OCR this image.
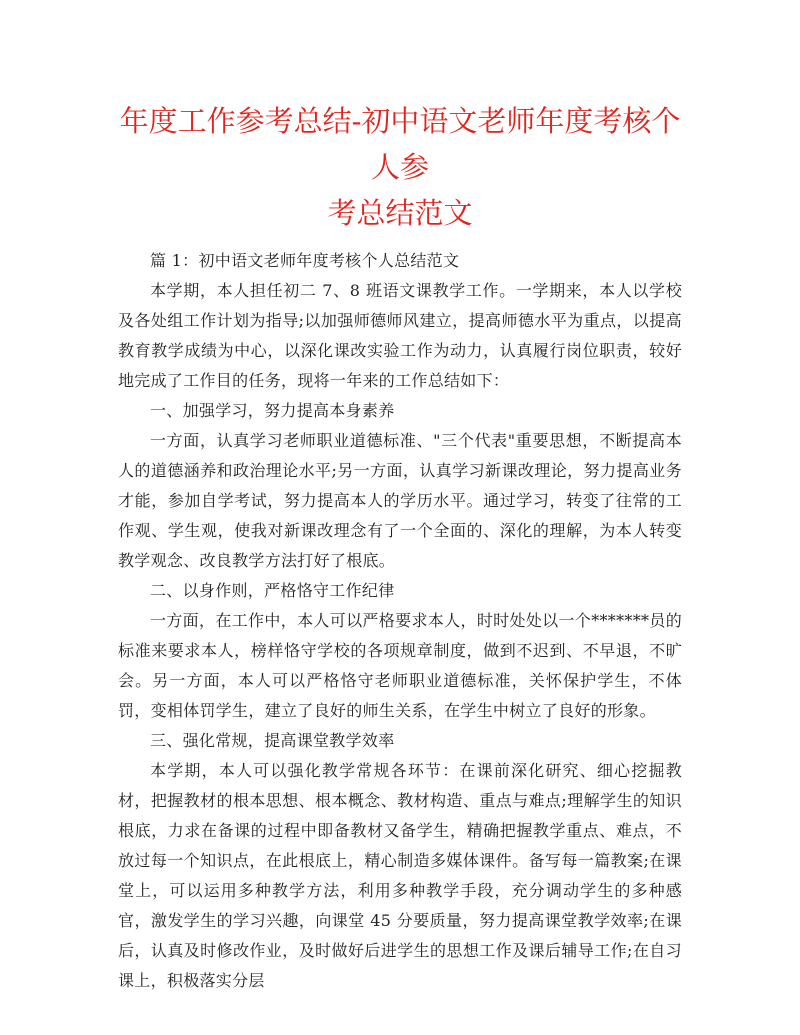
年度工作参考总结-初中语文老师年度考核个人参
考总结范文

篇 1：初中语文老师年度考核个人总结范文

本学期，本人担任初二 7、8 班语文课教学工作。一学期来，本人以学校及各处组工作计划为指导;以加强师德师风建立，提高师德水平为重点，以提高教育教学成绩为中心，以深化课改实验工作为动力，认真履行岗位职责，较好地完成了工作目的任务，现将一年来的工作总结如下：

一、加强学习，努力提高本身素养

一方面，认真学习老师职业道德标准、"三个代表"重要思想，不断提高本人的道德涵养和政治理论水平;另一方面，认真学习新课改理论，努力提高业务才能，参加自学考试，努力提高本人的学历水平。通过学习，转变了往常的工作观、学生观，使我对新课改理念有了一个全面的、深化的理解，为本人转变教学观念、改良教学方法打好了根底。

二、以身作则，严格恪守工作纪律

一方面，在工作中，本人可以严格要求本人，时时处处以一个*******员的标准来要求本人，榜样恪守学校的各项规章制度，做到不迟到、不早退，不旷会。另一方面，本人可以严格恪守老师职业道德标准，关怀保护学生，不体罚，变相体罚学生，建立了良好的师生关系，在学生中树立了良好的形象。

三、强化常规，提高课堂教学效率

本学期，本人可以强化教学常规各环节：在课前深化研究、细心挖掘教材，把握教材的根本思想、根本概念、教材构造、重点与难点;理解学生的知识根底，力求在备课的过程中即备教材又备学生，精确把握教学重点、难点，不放过每一个知识点，在此根底上，精心制造多媒体课件。备写每一篇教案;在课堂上，可以运用多种教学方法，利用多种教学手段，充分调动学生的多种感官，激发学生的学习兴趣，向课堂 45 分要质量，努力提高课堂教学效率;在课后，认真及时修改作业，及时做好后进学生的思想工作及课后辅导工作;在自习课上，积极落实分层
